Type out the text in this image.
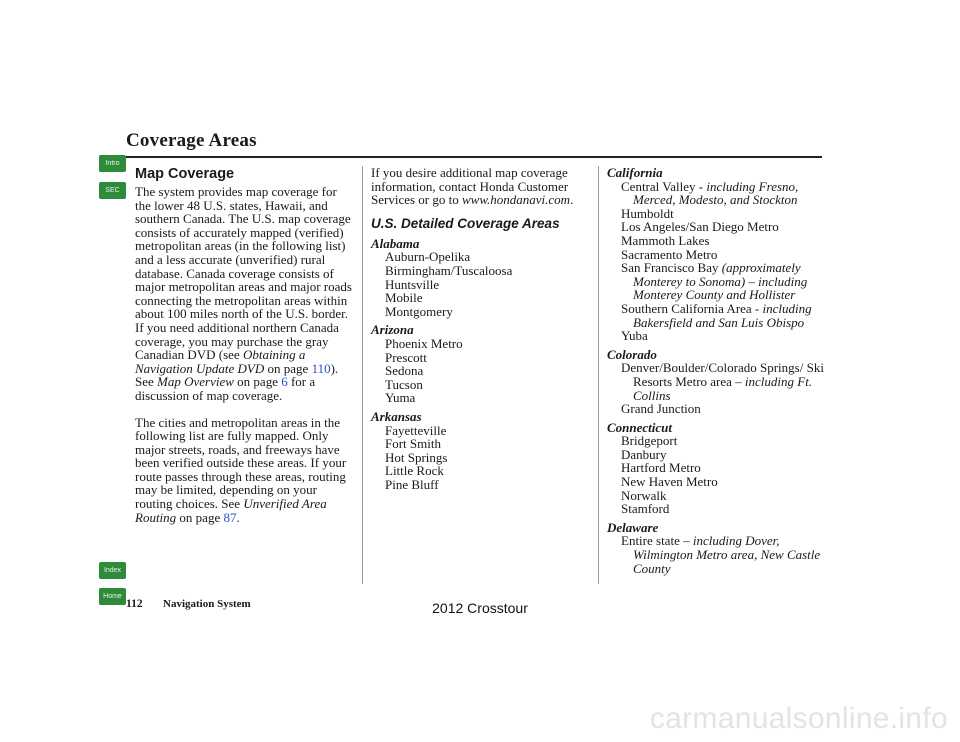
Coverage Areas
Intro
SEC
Index
Home
Map Coverage

The system provides map coverage for the lower 48 U.S. states, Hawaii, and southern Canada. The U.S. map coverage consists of accurately mapped (verified) metropolitan areas (in the following list) and a less accurate (unverified) rural database. Canada coverage consists of major metropolitan areas and major roads connecting the metropolitan areas within about 100 miles north of the U.S. border. If you need additional northern Canada coverage, you may purchase the gray Canadian DVD (see Obtaining a Navigation Update DVD on page 110). See Map Overview on page 6 for a discussion of map coverage.

The cities and metropolitan areas in the following list are fully mapped. Only major streets, roads, and freeways have been verified outside these areas. If your route passes through these areas, routing may be limited, depending on your routing choices. See Unverified Area Routing on page 87.

If you desire additional map coverage information, contact Honda Customer Services or go to www.hondanavi.com.

U.S. Detailed Coverage Areas
Alabama
Auburn-Opelika
Birmingham/Tuscaloosa
Huntsville
Mobile
Montgomery
Arizona
Phoenix Metro
Prescott
Sedona
Tucson
Yuma
Arkansas
Fayetteville
Fort Smith
Hot Springs
Little Rock
Pine Bluff
California
Central Valley - including Fresno, Merced, Modesto, and Stockton
Humboldt
Los Angeles/San Diego Metro
Mammoth Lakes
Sacramento Metro
San Francisco Bay (approximately Monterey to Sonoma) – including Monterey County and Hollister
Southern California Area - including Bakersfield and San Luis Obispo
Yuba
Colorado
Denver/Boulder/Colorado Springs/ Ski Resorts Metro area – including Ft. Collins
Grand Junction
Connecticut
Bridgeport
Danbury
Hartford Metro
New Haven Metro
Norwalk
Stamford
Delaware
Entire state – including Dover, Wilmington Metro area, New Castle County
112 Navigation System	2012 Crosstour
carmanualsonline.info
